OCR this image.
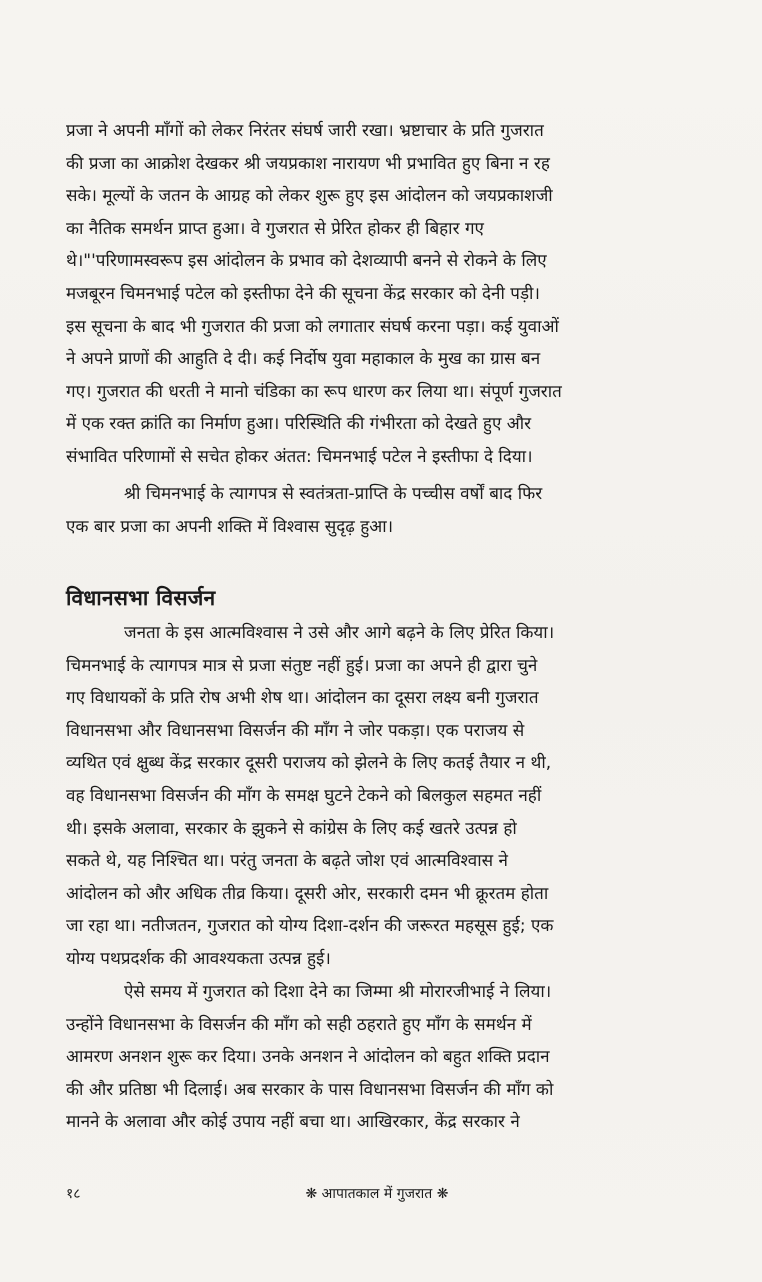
प्रजा ने अपनी माँगों को लेकर निरंतर संघर्ष जारी रखा। भ्रष्टाचार के प्रति गुजरात
की प्रजा का आक्रोश देखकर श्री जयप्रकाश नारायण भी प्रभावित हुए बिना न रह
सके। मूल्यों के जतन के आग्रह को लेकर शुरू हुए इस आंदोलन को जयप्रकाशजी
का नैतिक समर्थन प्राप्त हुआ। वे गुजरात से प्रेरित होकर ही बिहार गए
थे।"'परिणामस्वरूप इस आंदोलन के प्रभाव को देशव्यापी बनने से रोकने के लिए
मजबूरन चिमनभाई पटेल को इस्तीफा देने की सूचना केंद्र सरकार को देनी पड़ी।
इस सूचना के बाद भी गुजरात की प्रजा को लगातार संघर्ष करना पड़ा। कई युवाओं
ने अपने प्राणों की आहुति दे दी। कई निर्दोष युवा महाकाल के मुख का ग्रास बन
गए। गुजरात की धरती ने मानो चंडिका का रूप धारण कर लिया था। संपूर्ण गुजरात
में एक रक्त क्रांति का निर्माण हुआ। परिस्थिति की गंभीरता को देखते हुए और
संभावित परिणामों से सचेत होकर अंतत: चिमनभाई पटेल ने इस्तीफा दे दिया।

श्री चिमनभाई के त्यागपत्र से स्वतंत्रता-प्राप्ति के पच्चीस वर्षों बाद फिर
एक बार प्रजा का अपनी शक्ति में विश्वास सुदृढ़ हुआ।

विधानसभा विसर्जन

जनता के इस आत्मविश्वास ने उसे और आगे बढ़ने के लिए प्रेरित किया।
चिमनभाई के त्यागपत्र मात्र से प्रजा संतुष्ट नहीं हुई। प्रजा का अपने ही द्वारा चुने
गए विधायकों के प्रति रोष अभी शेष था। आंदोलन का दूसरा लक्ष्य बनी गुजरात
विधानसभा और विधानसभा विसर्जन की माँग ने जोर पकड़ा। एक पराजय से
व्यथित एवं क्षुब्ध केंद्र सरकार दूसरी पराजय को झेलने के लिए कतई तैयार न थी,
वह विधानसभा विसर्जन की माँग के समक्ष घुटने टेकने को बिलकुल सहमत नहीं
थी। इसके अलावा, सरकार के झुकने से कांग्रेस के लिए कई खतरे उत्पन्न हो
सकते थे, यह निश्चित था। परंतु जनता के बढ़ते जोश एवं आत्मविश्वास ने
आंदोलन को और अधिक तीव्र किया। दूसरी ओर, सरकारी दमन भी क्रूरतम होता
जा रहा था। नतीजतन, गुजरात को योग्य दिशा-दर्शन की जरूरत महसूस हुई; एक
योग्य पथप्रदर्शक की आवश्यकता उत्पन्न हुई।

ऐसे समय में गुजरात को दिशा देने का जिम्मा श्री मोरारजीभाई ने लिया।
उन्होंने विधानसभा के विसर्जन की माँग को सही ठहराते हुए माँग के समर्थन में
आमरण अनशन शुरू कर दिया। उनके अनशन ने आंदोलन को बहुत शक्ति प्रदान
की और प्रतिष्ठा भी दिलाई। अब सरकार के पास विधानसभा विसर्जन की माँग को
मानने के अलावा और कोई उपाय नहीं बचा था। आखिरकार, केंद्र सरकार ने

१८	❋ आपातकाल में गुजरात ❋
